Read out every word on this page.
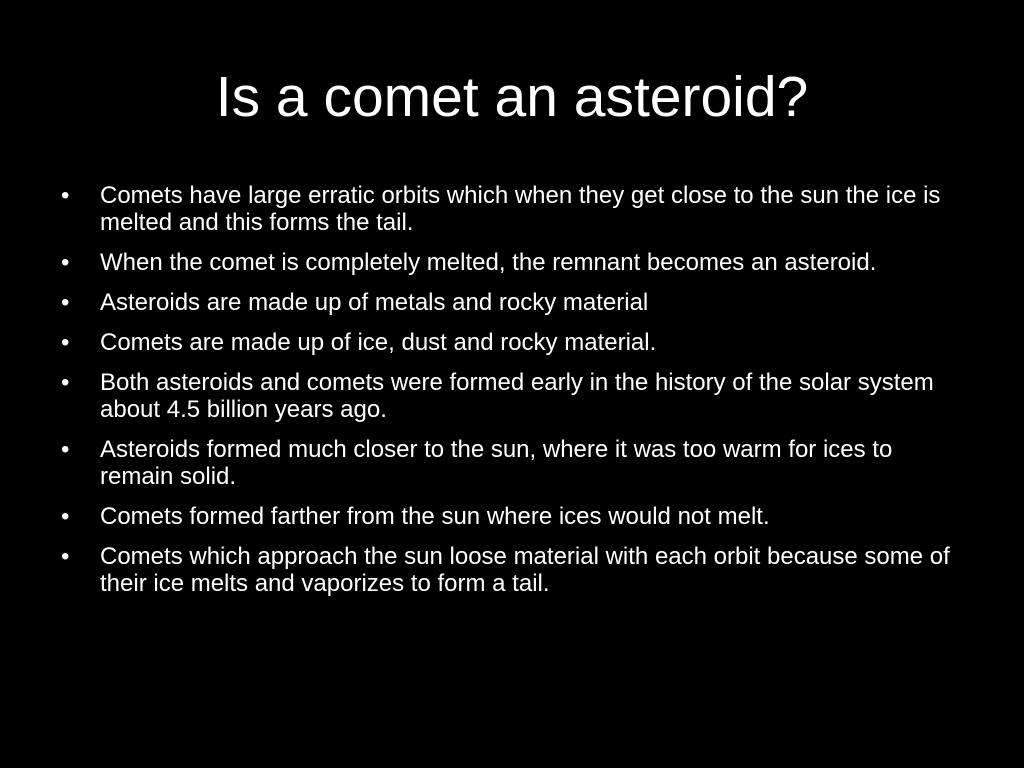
Is a comet an asteroid?
• Comets have large erratic orbits which when they get close to the sun the ice is melted and this forms the tail.
• When the comet is completely melted, the remnant becomes an asteroid.
• Asteroids are made up of metals and rocky material
• Comets are made up of ice, dust and rocky material.
• Both asteroids and comets were formed early in the history of the solar system about 4.5 billion years ago.
• Asteroids formed much closer to the sun, where it was too warm for ices to remain solid.
• Comets formed farther from the sun where ices would not melt.
• Comets which approach the sun loose material with each orbit because some of their ice melts and vaporizes to form a tail.
